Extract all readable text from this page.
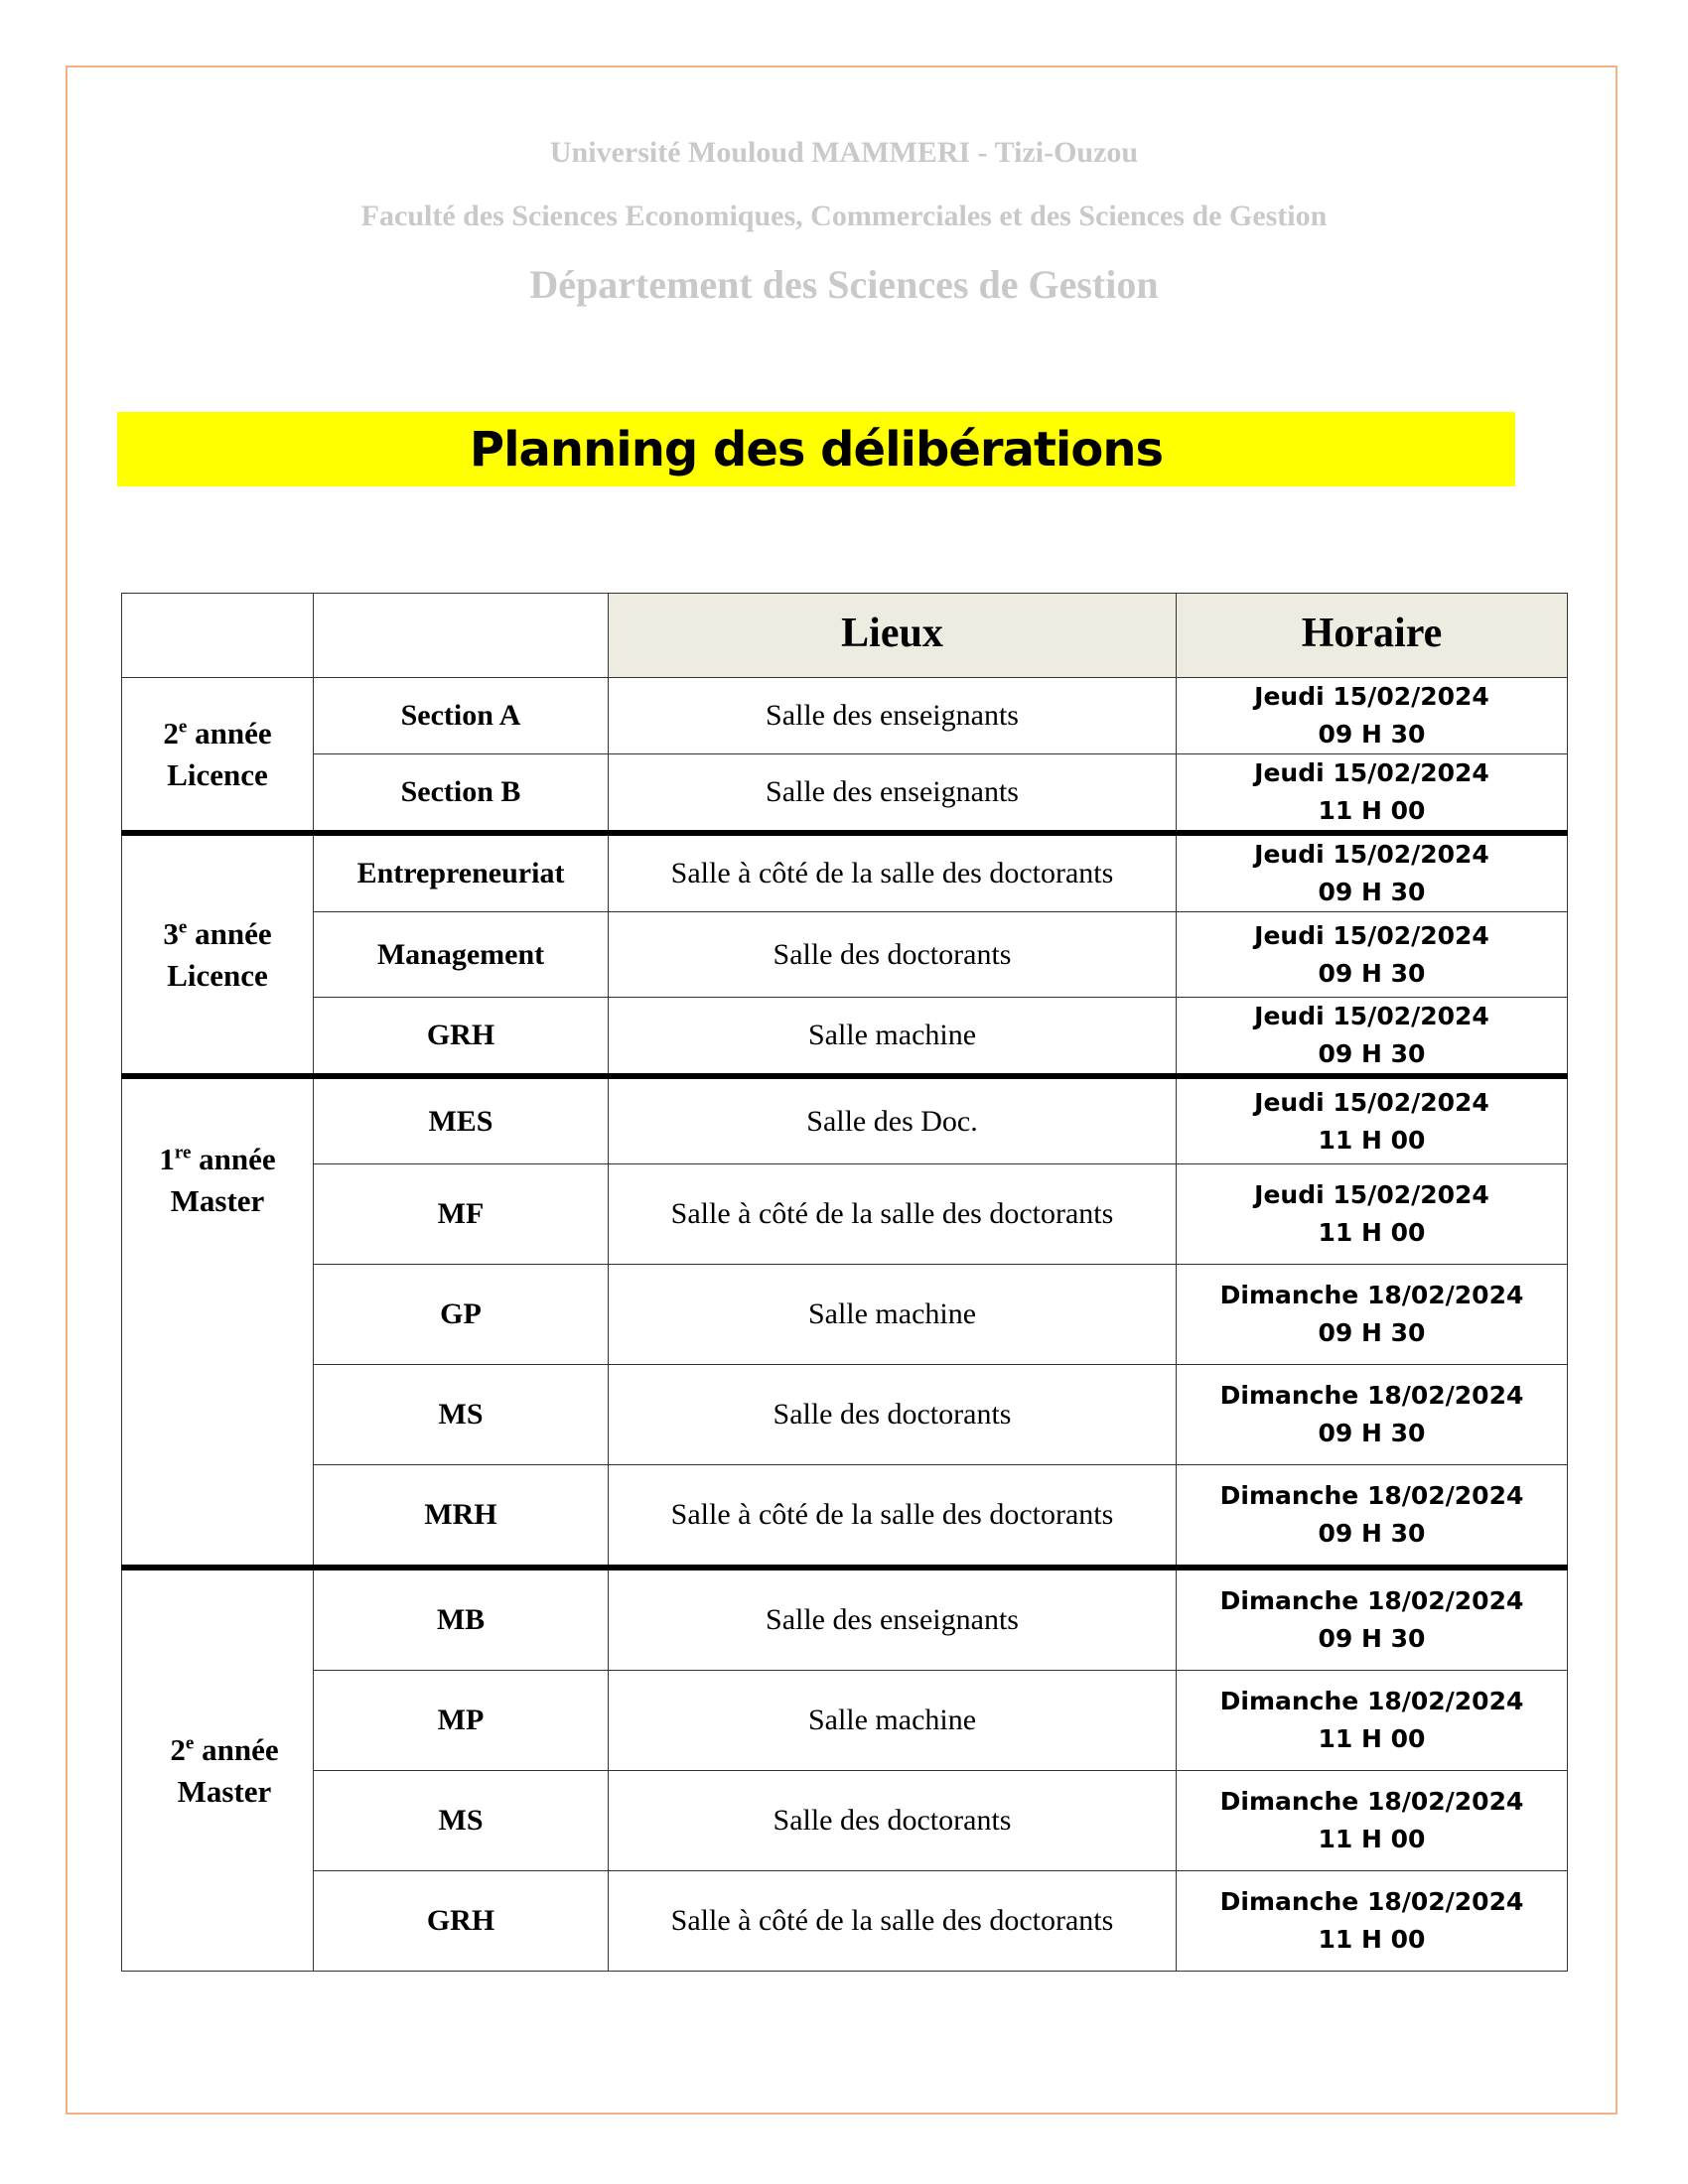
Université Mouloud MAMMERI - Tizi-Ouzou
Faculté des Sciences Economiques, Commerciales et des Sciences de Gestion
Département des Sciences de Gestion
Planning des délibérations
		Lieux	Horaire
2e année
Licence	Section A	Salle des enseignants	Jeudi 15/02/2024
09 H 30
	Section B	Salle des enseignants	Jeudi 15/02/2024
11 H 00
3e année
Licence	Entrepreneuriat	Salle à côté de la salle des doctorants	Jeudi 15/02/2024
09 H 30
	Management	Salle des doctorants	Jeudi 15/02/2024
09 H 30
	GRH	Salle machine	Jeudi 15/02/2024
09 H 30
1re année
Master	MES	Salle des Doc.	Jeudi 15/02/2024
11 H 00
	MF	Salle à côté de la salle des doctorants	Jeudi 15/02/2024
11 H 00
	GP	Salle machine	Dimanche 18/02/2024
09 H 30
	MS	Salle des doctorants	Dimanche 18/02/2024
09 H 30
	MRH	Salle à côté de la salle des doctorants	Dimanche 18/02/2024
09 H 30
2e année
Master	MB	Salle des enseignants	Dimanche 18/02/2024
09 H 30
	MP	Salle machine	Dimanche 18/02/2024
11 H 00
	MS	Salle des doctorants	Dimanche 18/02/2024
11 H 00
	GRH	Salle à côté de la salle des doctorants	Dimanche 18/02/2024
11 H 00
